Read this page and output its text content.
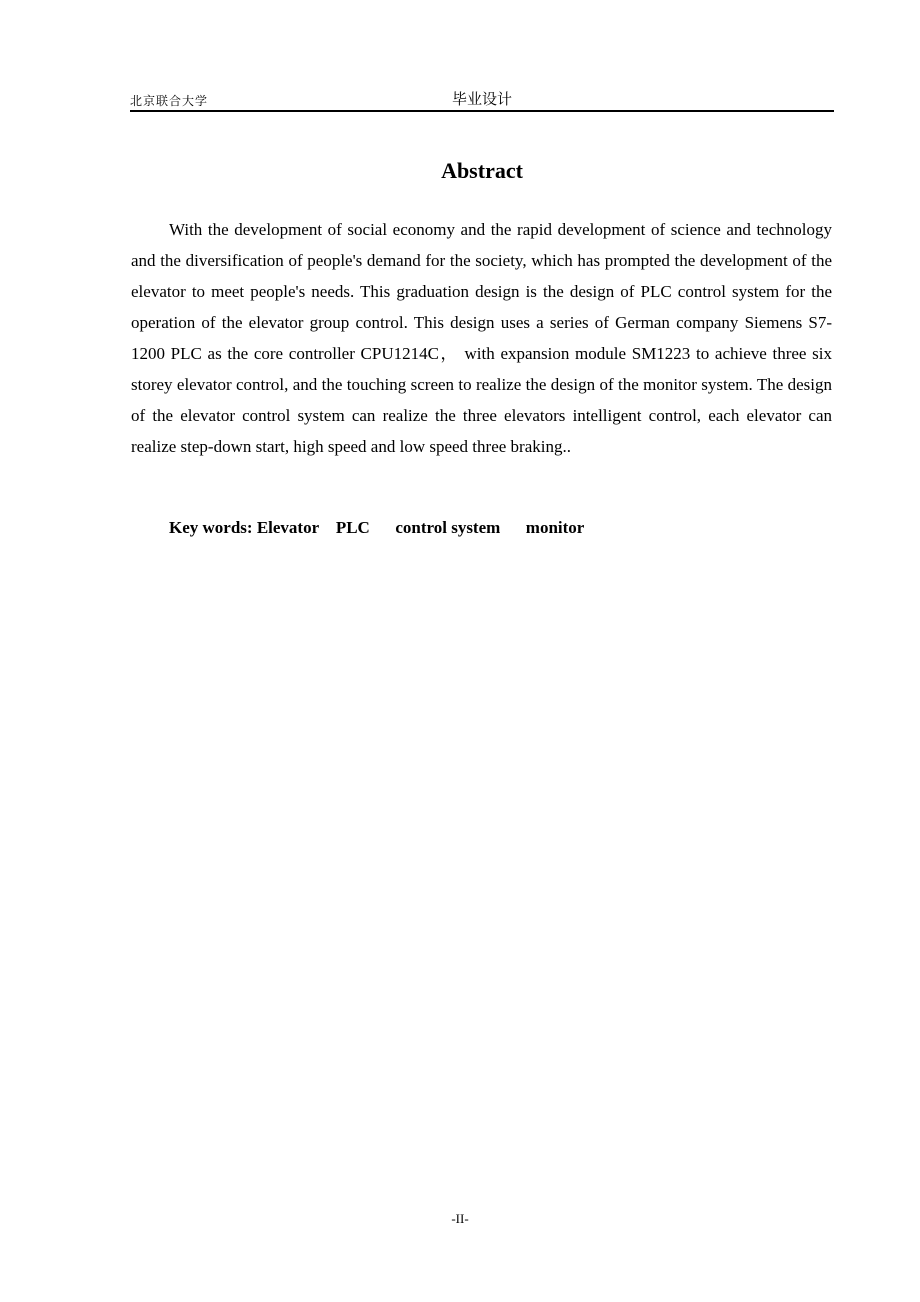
北京联合大学	毕业设计
Abstract

With the development of social economy and the rapid development of science and technology and the diversification of people's demand for the society, which has prompted the development of the elevator to meet people's needs. This graduation design is the design of PLC control system for the operation of the elevator group control. This design uses a series of German company Siemens S7-1200 PLC as the core controller CPU1214C， with expansion module SM1223 to achieve three six storey elevator control, and the touching screen to realize the design of the monitor system. The design of the elevator control system can realize the three elevators intelligent control, each elevator can realize step-down start, high speed and low speed three braking..

Key words: Elevator    PLC      control system      monitor
-II-
